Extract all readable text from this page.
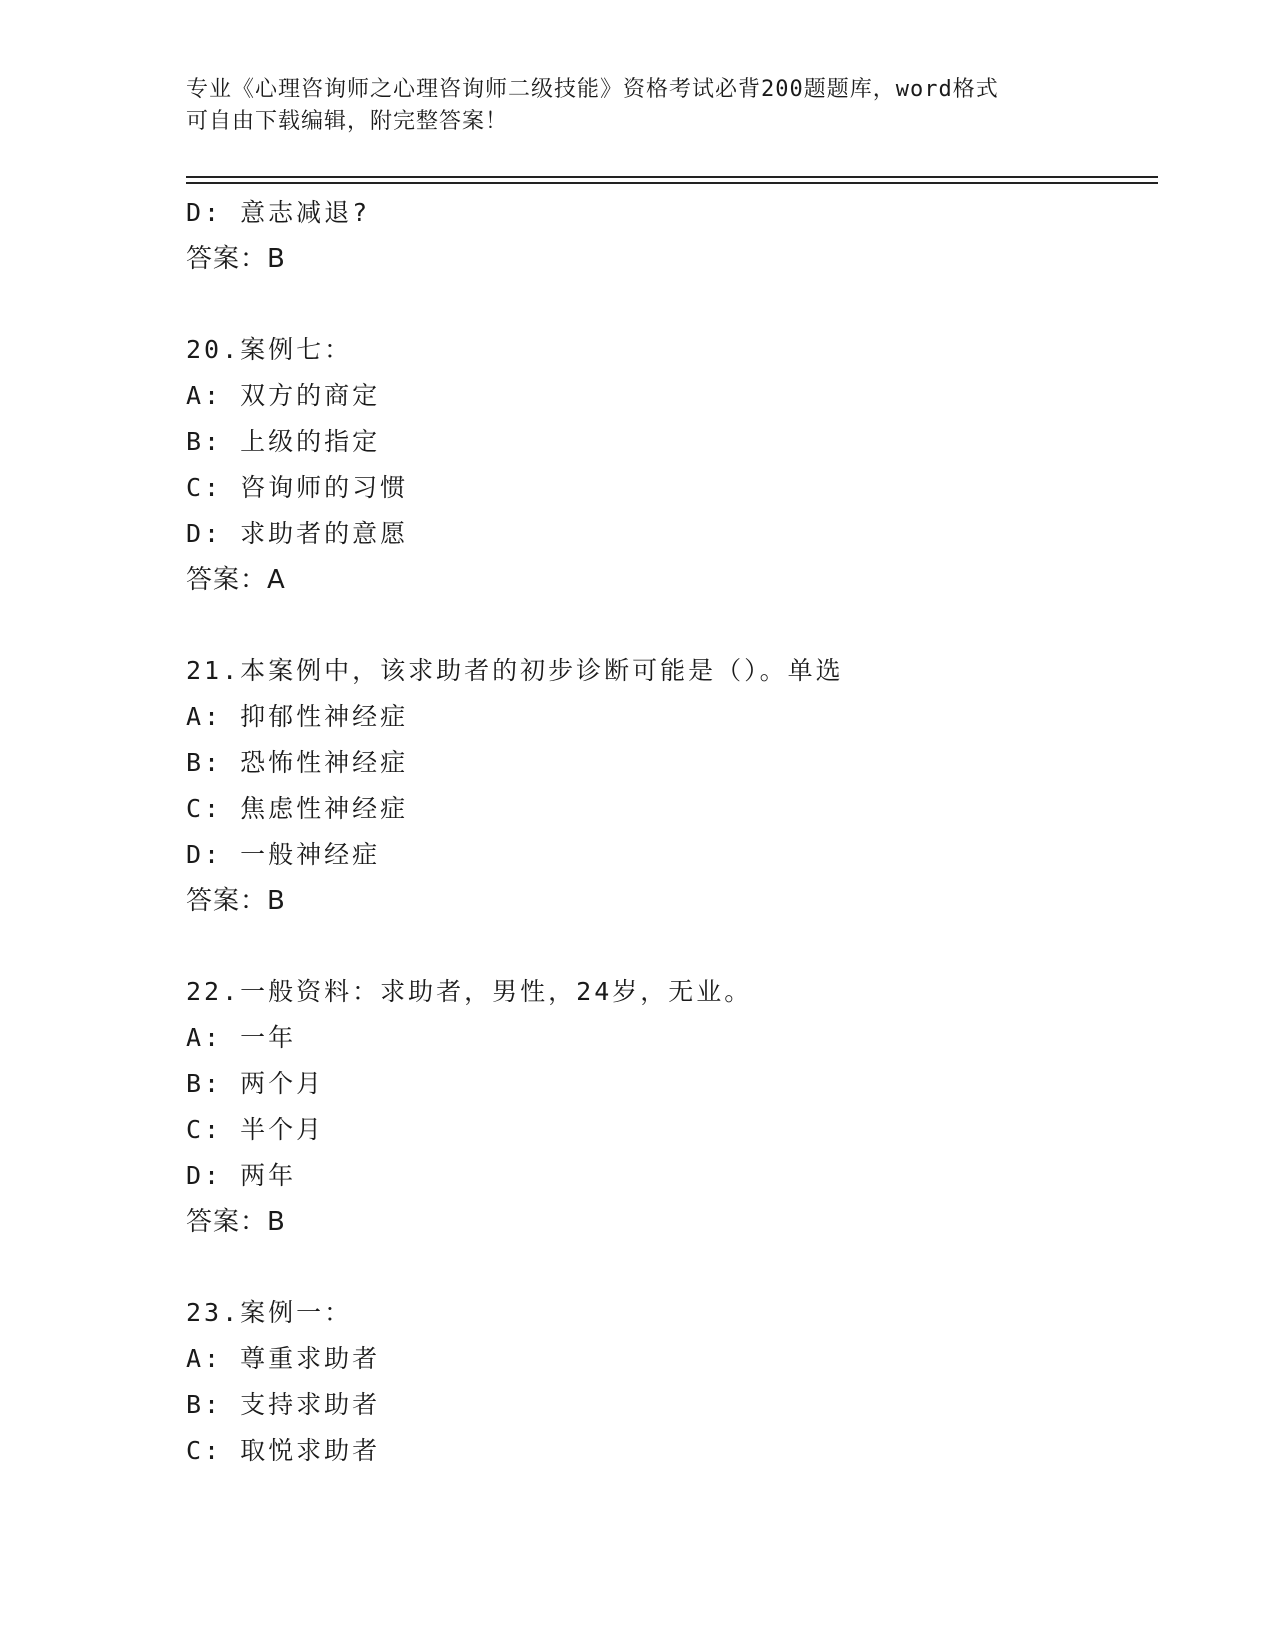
专业《心理咨询师之心理咨询师二级技能》资格考试必背200题题库，word格式
可自由下载编辑，附完整答案！
D: 意志减退?
答案：B
20.案例七：
A: 双方的商定
B: 上级的指定
C: 咨询师的习惯
D: 求助者的意愿
答案：A
21.本案例中，该求助者的初步诊断可能是（）。单选
A: 抑郁性神经症
B: 恐怖性神经症
C: 焦虑性神经症
D: 一般神经症
答案：B
22.一般资料：求助者，男性，24岁，无业。
A: 一年
B: 两个月
C: 半个月
D: 两年
答案：B
23.案例一：
A: 尊重求助者
B: 支持求助者
C: 取悦求助者
